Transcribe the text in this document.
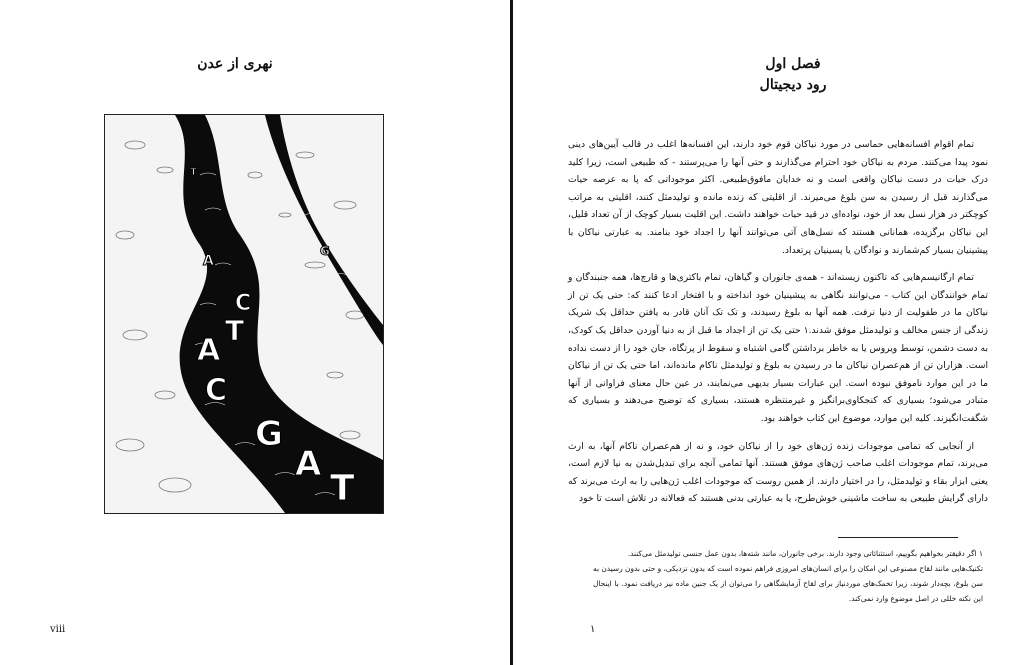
نهری از عدن
A
T
C
G
A
T
C
A
G
T
viii
فصل اول
رود دیجیتال

تمام اقوام افسانه‌هایی حماسی در مورد نیاکان قوم خود دارند، این افسانه‌ها اغلب در قالب آیین‌های دینی نمود پیدا می‌کنند. مردم به نیاکان خود احترام می‌گذارند و حتی آنها را می‌پرستند - که طبیعی است، زیرا کلید درک حیات در دست نیاکان واقعی است و نه خدایان مافوق‌طبیعی. اکثر موجوداتی که پا به عرصه حیات می‌گذارند قبل از رسیدن به سن بلوغ می‌میرند. از اقلیتی که زنده مانده و تولیدمثل کنند، اقلیتی به مراتب کوچکتر در هزار نسل بعد از خود، نواده‌ای در قید حیات خواهند داشت. این اقلیت بسیار کوچک از آن تعداد قلیل، این نیاکان برگزیده، همانانی هستند که نسل‌های آتی می‌توانند آنها را اجداد خود بنامند. به عبارتی نیاکان با پیشینیان بسیار کم‌شمارند و نوادگان یا پسینیان پرتعداد.

تمام ارگانیسم‌هایی که تاکنون زیسته‌اند - همه‌ی جانوران و گیاهان، تمام باکتری‌ها و قارچ‌ها، همه جنبندگان و تمام خوانندگان این کتاب - می‌توانند نگاهی به پیشینیان خود انداخته و با افتخار ادعا کنند که: حتی یک تن از نیاکان ما در طفولیت از دنیا نرفت. همه آنها به بلوغ رسیدند، و تک تک آنان قادر به یافتن حداقل یک شریک زندگی از جنس مخالف و تولیدمثل موفق شدند.۱ حتی یک تن از اجداد ما قبل از به دنیا آوردن حداقل یک کودک، به دست دشمن، توسط ویروس یا به خاطر برداشتن گامی اشتباه و سقوط از پرتگاه، جان خود را از دست نداده است. هزاران تن از هم‌عصران نیاکان ما در رسیدن به بلوغ و تولیدمثل ناکام مانده‌اند، اما حتی یک تن از نیاکان ما در این موارد ناموفق نبوده است. این عبارات بسیار بدیهی می‌نمایند، در عین حال معنای فراوانی از آنها متبادر می‌شود؛ بسیاری که کنجکاوی‌برانگیز و غیرمنتظره هستند، بسیاری که توضیح می‌دهند و بسیاری که شگفت‌انگیزند. کلیه این موارد، موضوع این کتاب خواهند بود.

از آنجایی که تمامی موجودات زنده ژن‌های خود را از نیاکان خود، و نه از هم‌عصران ناکام آنها، به ارث می‌برند، تمام موجودات اغلب صاحب ژن‌های موفق هستند. آنها تمامی آنچه برای تبدیل‌شدن به نیا لازم است، یعنی ابزار بقاء و تولیدمثل، را در اختیار دارند. از همین روست که موجودات اغلب ژن‌هایی را به ارث می‌برند که دارای گرایش طبیعی به ساخت ماشینی خوش‌طرح، یا به عبارتی بدنی هستند که فعالانه در تلاش است تا خود

۱ اگر دقیقتر بخواهیم بگوییم، استثنائاتی وجود دارند. برخی جانوران، مانند شته‌ها، بدون عمل جنسی تولیدمثل می‌کنند.

تکنیک‌هایی مانند لقاح مصنوعی این امکان را برای انسان‌های امروزی فراهم نموده است که بدون نزدیکی، و حتی بدون رسیدن به سن بلوغ، بچه‌دار شوند، زیرا تخمک‌های موردنیاز برای لقاح آزمایشگاهی را می‌توان از یک جنین ماده نیز دریافت نمود. با اینحال این نکته خللی در اصل موضوع وارد نمی‌کند.

۱
